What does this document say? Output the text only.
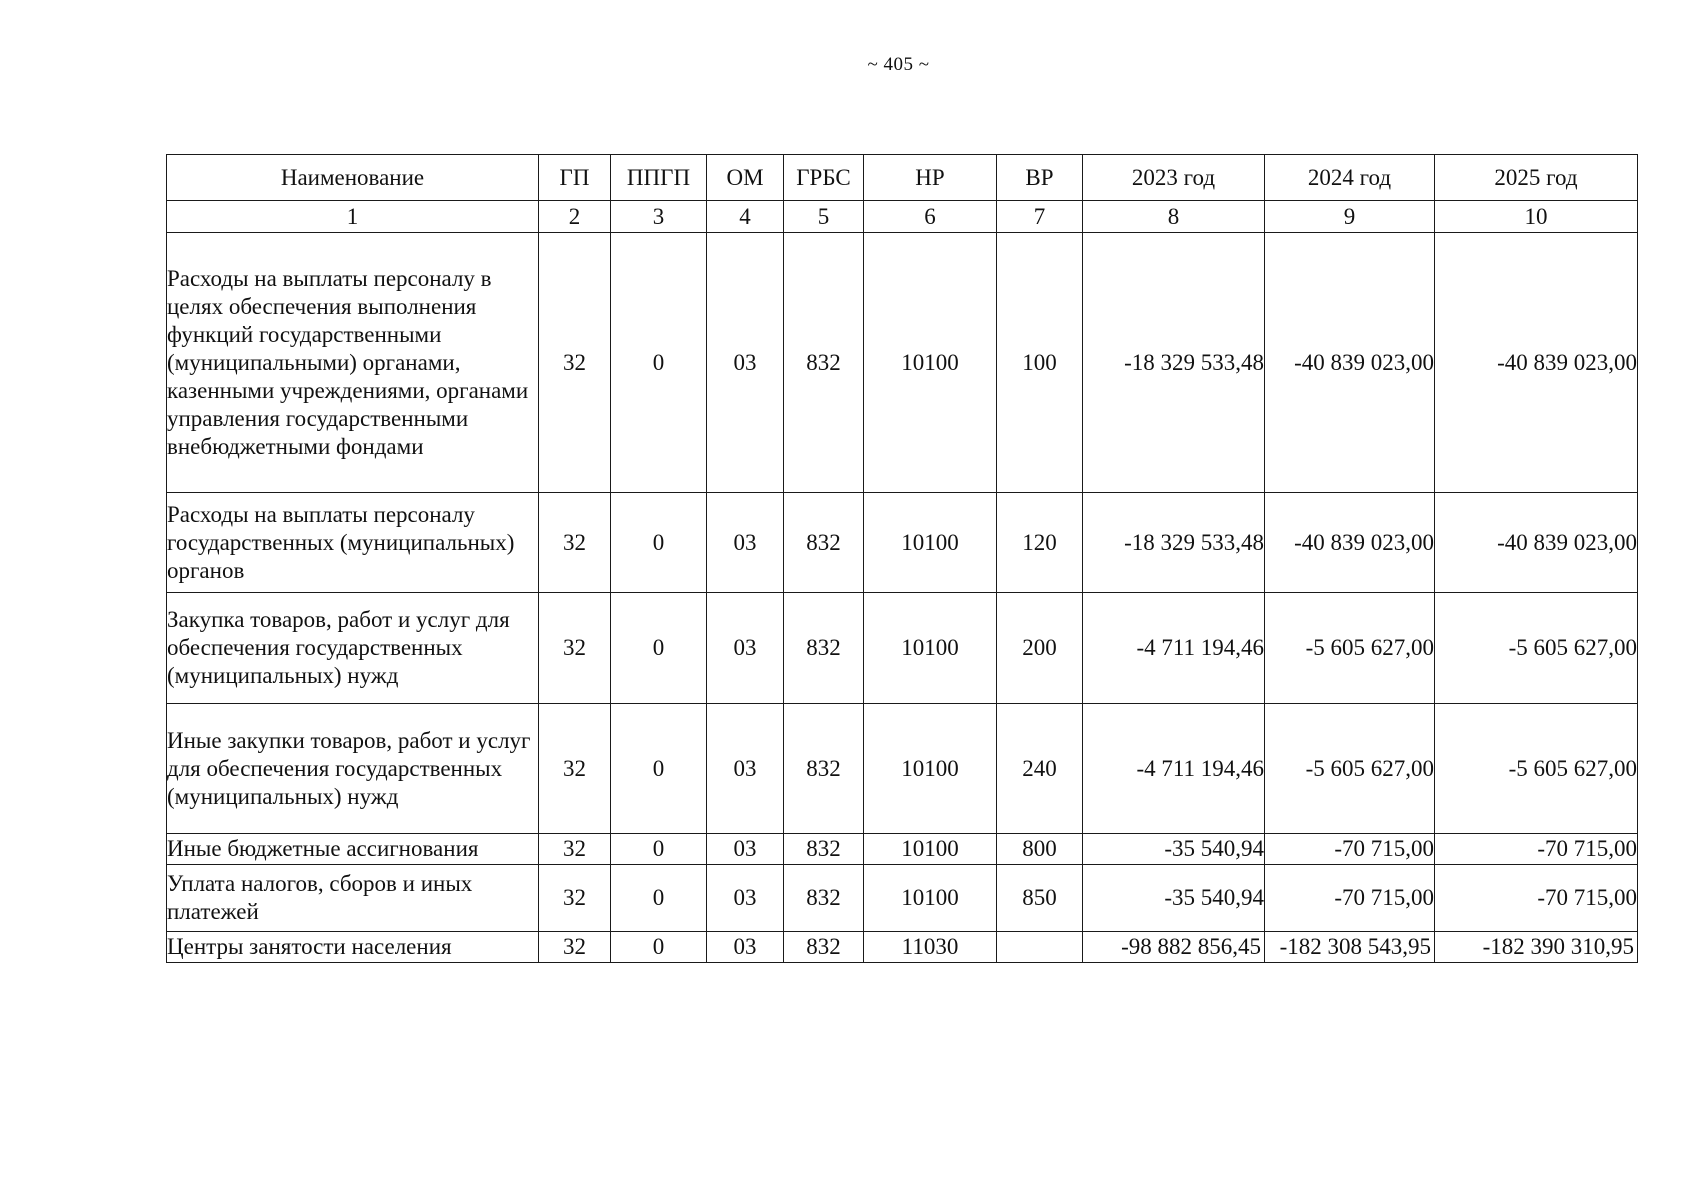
~ 405 ~
Наименование	ГП	ППГП	ОМ	ГРБС	НР	ВР	2023 год	2024 год	2025 год
1	2	3	4	5	6	7	8	9	10
Расходы на выплаты персоналу в целях обеспечения выполнения функций государственными (муниципальными) органами, казенными учреждениями, органами управления государственными внебюджетными фондами	32	0	03	832	10100	100	-18 329 533,48	-40 839 023,00	-40 839 023,00
Расходы на выплаты персоналу государственных (муниципальных) органов	32	0	03	832	10100	120	-18 329 533,48	-40 839 023,00	-40 839 023,00
Закупка товаров, работ и услуг для обеспечения государственных (муниципальных) нужд	32	0	03	832	10100	200	-4 711 194,46	-5 605 627,00	-5 605 627,00
Иные закупки товаров, работ и услуг для обеспечения государственных (муниципальных) нужд	32	0	03	832	10100	240	-4 711 194,46	-5 605 627,00	-5 605 627,00
Иные бюджетные ассигнования	32	0	03	832	10100	800	-35 540,94	-70 715,00	-70 715,00
Уплата налогов, сборов и иных платежей	32	0	03	832	10100	850	-35 540,94	-70 715,00	-70 715,00
Центры занятости населения	32	0	03	832	11030		-98 882 856,45	-182 308 543,95	-182 390 310,95
